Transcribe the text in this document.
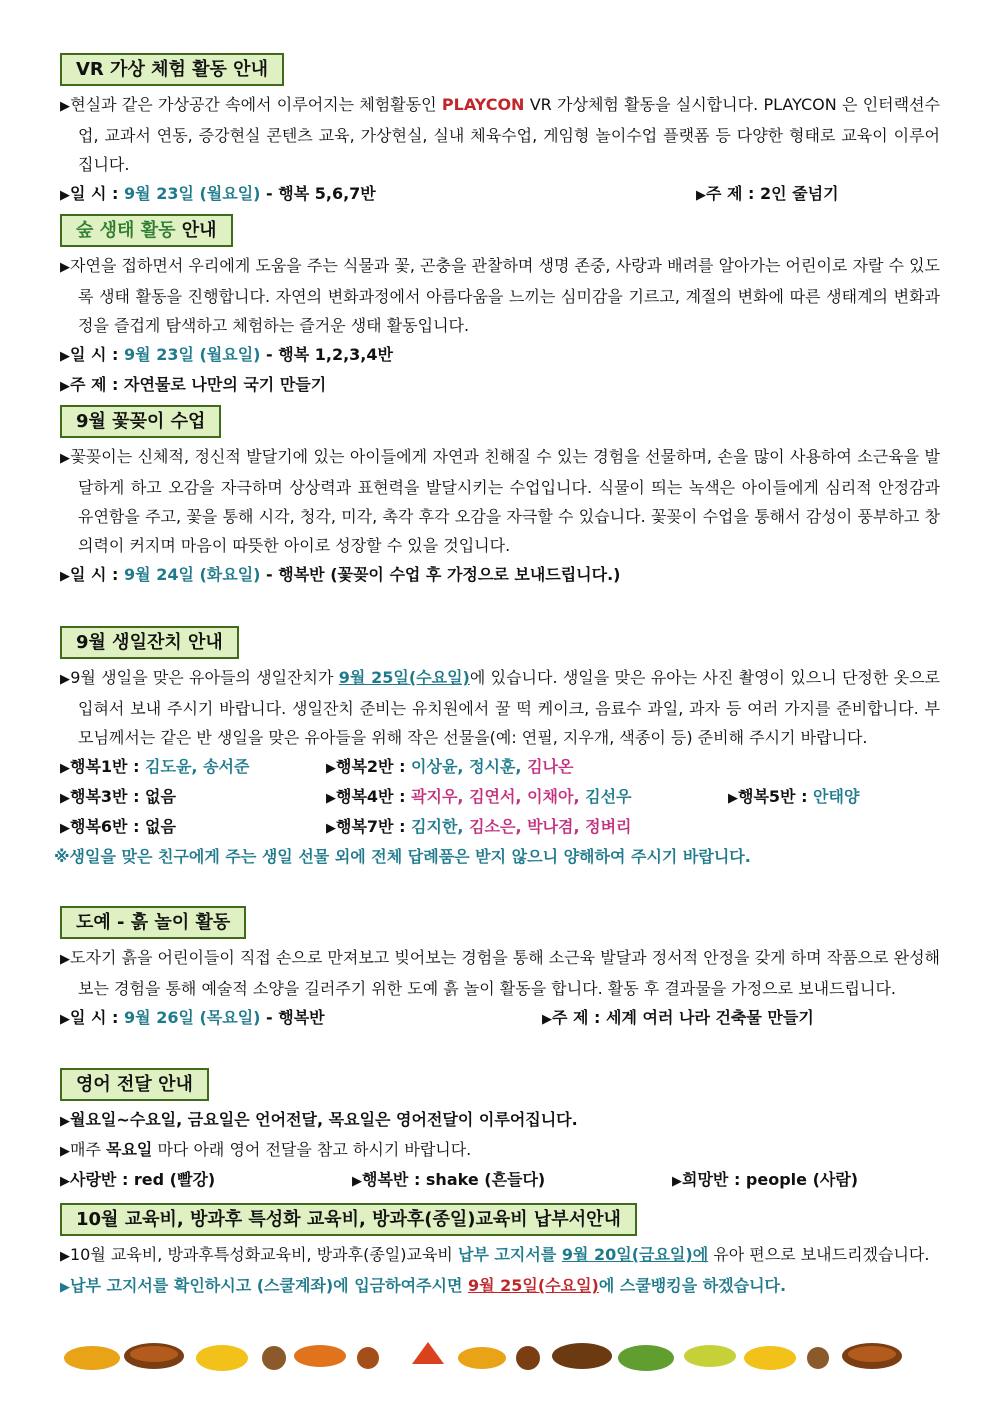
VR 가상 체험 활동 안내

▶현실과 같은 가상공간 속에서 이루어지는 체험활동인 PLAYCON VR 가상체험 활동을 실시합니다. PLAYCON 은 인터랙션수업, 교과서 연동, 증강현실 콘텐츠 교육, 가상현실, 실내 체육수업, 게임형 놀이수업 플랫폼 등 다양한 형태로 교육이 이루어집니다.

▶일 시 : 9월 23일 (월요일) - 행복 5,6,7반	▶주 제 : 2인 줄넘기
숲 생태 활동 안내

▶자연을 접하면서 우리에게 도움을 주는 식물과 꽃, 곤충을 관찰하며 생명 존중, 사랑과 배려를 알아가는 어린이로 자랄 수 있도록 생태 활동을 진행합니다. 자연의 변화과정에서 아름다움을 느끼는 심미감을 기르고, 계절의 변화에 따른 생태계의 변화과정을 즐겁게 탐색하고 체험하는 즐거운 생태 활동입니다.

▶일 시 : 9월 23일 (월요일) - 행복 1,2,3,4반
▶주 제 : 자연물로 나만의 국기 만들기
9월 꽃꽂이 수업

▶꽃꽂이는 신체적, 정신적 발달기에 있는 아이들에게 자연과 친해질 수 있는 경험을 선물하며, 손을 많이 사용하여 소근육을 발달하게 하고 오감을 자극하며 상상력과 표현력을 발달시키는 수업입니다. 식물이 띄는 녹색은 아이들에게 심리적 안정감과 유연함을 주고, 꽃을 통해 시각, 청각, 미각, 촉각 후각 오감을 자극할 수 있습니다. 꽃꽂이 수업을 통해서 감성이 풍부하고 창의력이 커지며 마음이 따뜻한 아이로 성장할 수 있을 것입니다.

▶일 시 : 9월 24일 (화요일) - 행복반 (꽃꽂이 수업 후 가정으로 보내드립니다.)
9월 생일잔치 안내

▶9월 생일을 맞은 유아들의 생일잔치가 9월 25일(수요일)에 있습니다. 생일을 맞은 유아는 사진 촬영이 있으니 단정한 옷으로 입혀서 보내 주시기 바랍니다. 생일잔치 준비는 유치원에서 꿀 떡 케이크, 음료수 과일, 과자 등 여러 가지를 준비합니다. 부모님께서는 같은 반 생일을 맞은 유아들을 위해 작은 선물을(예: 연필, 지우개, 색종이 등) 준비해 주시기 바랍니다.

▶행복1반 : 김도윤, 송서준	▶행복2반 : 이상윤, 정시훈, 김나온
▶행복3반 : 없음	▶행복4반 : 곽지우, 김연서, 이채아, 김선우	▶행복5반 : 안태양
▶행복6반 : 없음	▶행복7반 : 김지한, 김소은, 박나겸, 정벼리
※생일을 맞은 친구에게 주는 생일 선물 외에 전체 답례품은 받지 않으니 양해하여 주시기 바랍니다.
도예 - 흙 놀이 활동

▶도자기 흙을 어린이들이 직접 손으로 만져보고 빚어보는 경험을 통해 소근육 발달과 정서적 안정을 갖게 하며 작품으로 완성해 보는 경험을 통해 예술적 소양을 길러주기 위한 도예 흙 놀이 활동을 합니다. 활동 후 결과물을 가정으로 보내드립니다.

▶일 시 : 9월 26일 (목요일) - 행복반	▶주 제 : 세계 여러 나라 건축물 만들기
영어 전달 안내
▶월요일~수요일, 금요일은 언어전달, 목요일은 영어전달이 이루어집니다.
▶매주 목요일 마다 아래 영어 전달을 참고 하시기 바랍니다.
▶사랑반 : red (빨강)	▶행복반 : shake (흔들다)	▶희망반 : people (사람)
10월 교육비, 방과후 특성화 교육비, 방과후(종일)교육비 납부서안내

▶10월 교육비, 방과후특성화교육비, 방과후(종일)교육비 납부 고지서를 9월 20일(금요일)에 유아 편으로 보내드리겠습니다.

▶납부 고지서를 확인하시고 (스쿨계좌)에 입금하여주시면 9월 25일(수요일)에 스쿨뱅킹을 하겠습니다.
